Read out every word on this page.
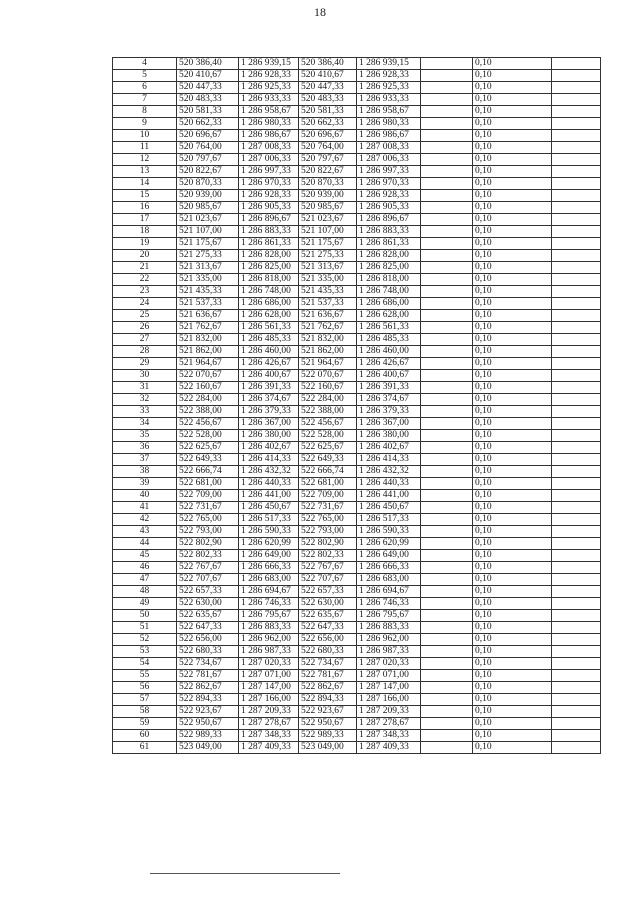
18
4	520 386,40	1 286 939,15	520 386,40	1 286 939,15		0,10	
5	520 410,67	1 286 928,33	520 410,67	1 286 928,33		0,10	
6	520 447,33	1 286 925,33	520 447,33	1 286 925,33		0,10	
7	520 483,33	1 286 933,33	520 483,33	1 286 933,33		0,10	
8	520 581,33	1 286 958,67	520 581,33	1 286 958,67		0,10	
9	520 662,33	1 286 980,33	520 662,33	1 286 980,33		0,10	
10	520 696,67	1 286 986,67	520 696,67	1 286 986,67		0,10	
11	520 764,00	1 287 008,33	520 764,00	1 287 008,33		0,10	
12	520 797,67	1 287 006,33	520 797,67	1 287 006,33		0,10	
13	520 822,67	1 286 997,33	520 822,67	1 286 997,33		0,10	
14	520 870,33	1 286 970,33	520 870,33	1 286 970,33		0,10	
15	520 939,00	1 286 928,33	520 939,00	1 286 928,33		0,10	
16	520 985,67	1 286 905,33	520 985,67	1 286 905,33		0,10	
17	521 023,67	1 286 896,67	521 023,67	1 286 896,67		0,10	
18	521 107,00	1 286 883,33	521 107,00	1 286 883,33		0,10	
19	521 175,67	1 286 861,33	521 175,67	1 286 861,33		0,10	
20	521 275,33	1 286 828,00	521 275,33	1 286 828,00		0,10	
21	521 313,67	1 286 825,00	521 313,67	1 286 825,00		0,10	
22	521 335,00	1 286 818,00	521 335,00	1 286 818,00		0,10	
23	521 435,33	1 286 748,00	521 435,33	1 286 748,00		0,10	
24	521 537,33	1 286 686,00	521 537,33	1 286 686,00		0,10	
25	521 636,67	1 286 628,00	521 636,67	1 286 628,00		0,10	
26	521 762,67	1 286 561,33	521 762,67	1 286 561,33		0,10	
27	521 832,00	1 286 485,33	521 832,00	1 286 485,33		0,10	
28	521 862,00	1 286 460,00	521 862,00	1 286 460,00		0,10	
29	521 964,67	1 286 426,67	521 964,67	1 286 426,67		0,10	
30	522 070,67	1 286 400,67	522 070,67	1 286 400,67		0,10	
31	522 160,67	1 286 391,33	522 160,67	1 286 391,33		0,10	
32	522 284,00	1 286 374,67	522 284,00	1 286 374,67		0,10	
33	522 388,00	1 286 379,33	522 388,00	1 286 379,33		0,10	
34	522 456,67	1 286 367,00	522 456,67	1 286 367,00		0,10	
35	522 528,00	1 286 380,00	522 528,00	1 286 380,00		0,10	
36	522 625,67	1 286 402,67	522 625,67	1 286 402,67		0,10	
37	522 649,33	1 286 414,33	522 649,33	1 286 414,33		0,10	
38	522 666,74	1 286 432,32	522 666,74	1 286 432,32		0,10	
39	522 681,00	1 286 440,33	522 681,00	1 286 440,33		0,10	
40	522 709,00	1 286 441,00	522 709,00	1 286 441,00		0,10	
41	522 731,67	1 286 450,67	522 731,67	1 286 450,67		0,10	
42	522 765,00	1 286 517,33	522 765,00	1 286 517,33		0,10	
43	522 793,00	1 286 590,33	522 793,00	1 286 590,33		0,10	
44	522 802,90	1 286 620,99	522 802,90	1 286 620,99		0,10	
45	522 802,33	1 286 649,00	522 802,33	1 286 649,00		0,10	
46	522 767,67	1 286 666,33	522 767,67	1 286 666,33		0,10	
47	522 707,67	1 286 683,00	522 707,67	1 286 683,00		0,10	
48	522 657,33	1 286 694,67	522 657,33	1 286 694,67		0,10	
49	522 630,00	1 286 746,33	522 630,00	1 286 746,33		0,10	
50	522 635,67	1 286 795,67	522 635,67	1 286 795,67		0,10	
51	522 647,33	1 286 883,33	522 647,33	1 286 883,33		0,10	
52	522 656,00	1 286 962,00	522 656,00	1 286 962,00		0,10	
53	522 680,33	1 286 987,33	522 680,33	1 286 987,33		0,10	
54	522 734,67	1 287 020,33	522 734,67	1 287 020,33		0,10	
55	522 781,67	1 287 071,00	522 781,67	1 287 071,00		0,10	
56	522 862,67	1 287 147,00	522 862,67	1 287 147,00		0,10	
57	522 894,33	1 287 166,00	522 894,33	1 287 166,00		0,10	
58	522 923,67	1 287 209,33	522 923,67	1 287 209,33		0,10	
59	522 950,67	1 287 278,67	522 950,67	1 287 278,67		0,10	
60	522 989,33	1 287 348,33	522 989,33	1 287 348,33		0,10	
61	523 049,00	1 287 409,33	523 049,00	1 287 409,33		0,10	
